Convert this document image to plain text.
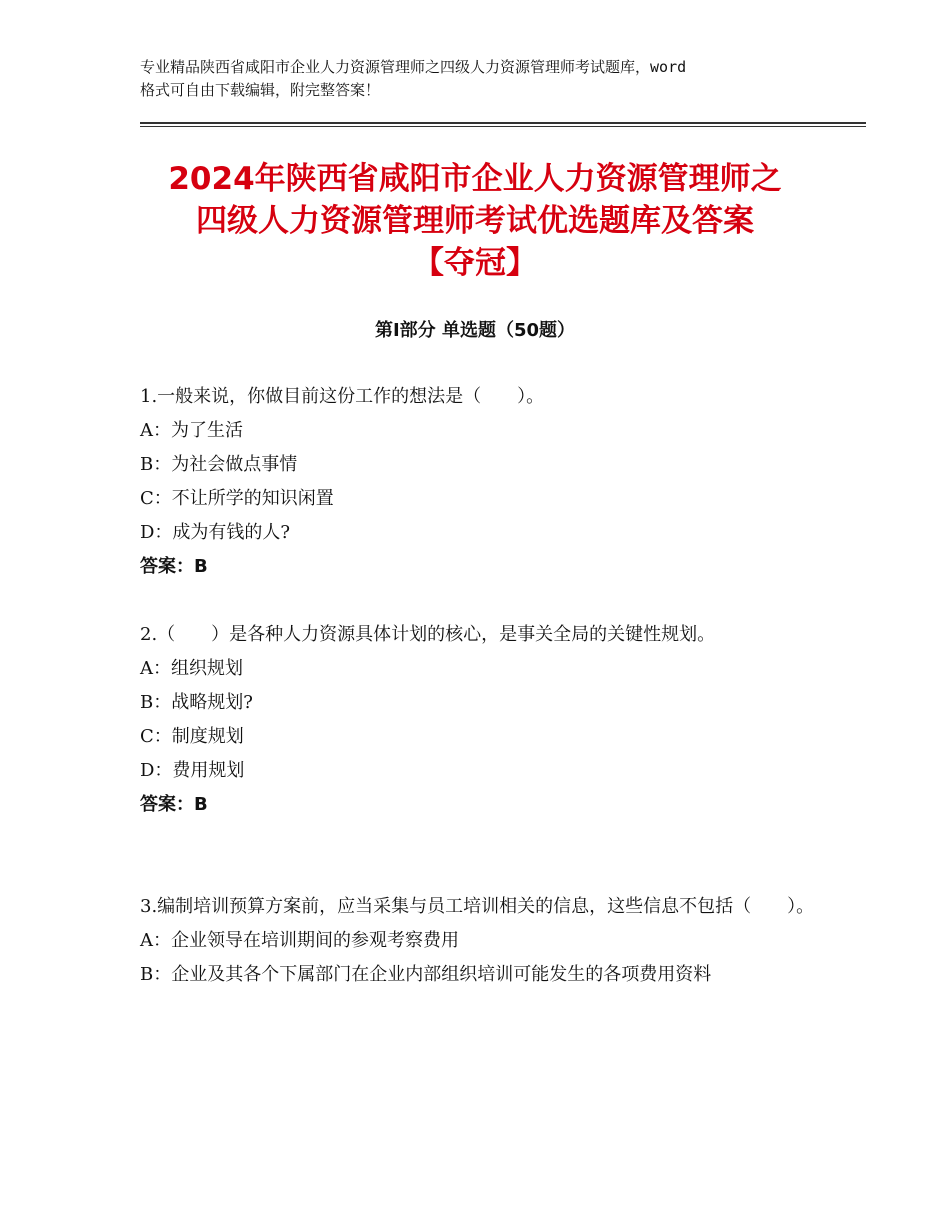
专业精品陕西省咸阳市企业人力资源管理师之四级人力资源管理师考试题库，word
格式可自由下载编辑，附完整答案！
2024年陕西省咸阳市企业人力资源管理师之
四级人力资源管理师考试优选题库及答案
【夺冠】
第Ⅰ部分 单选题（50题）
1.一般来说，你做目前这份工作的想法是（　　）。
A：为了生活
B：为社会做点事情
C：不让所学的知识闲置
D：成为有钱的人?
答案：B
2.（　　）是各种人力资源具体计划的核心，是事关全局的关键性规划。
A：组织规划
B：战略规划?
C：制度规划
D：费用规划
答案：B
3.编制培训预算方案前，应当采集与员工培训相关的信息，这些信息不包括（　　）。
A：企业领导在培训期间的参观考察费用
B：企业及其各个下属部门在企业内部组织培训可能发生的各项费用资料
